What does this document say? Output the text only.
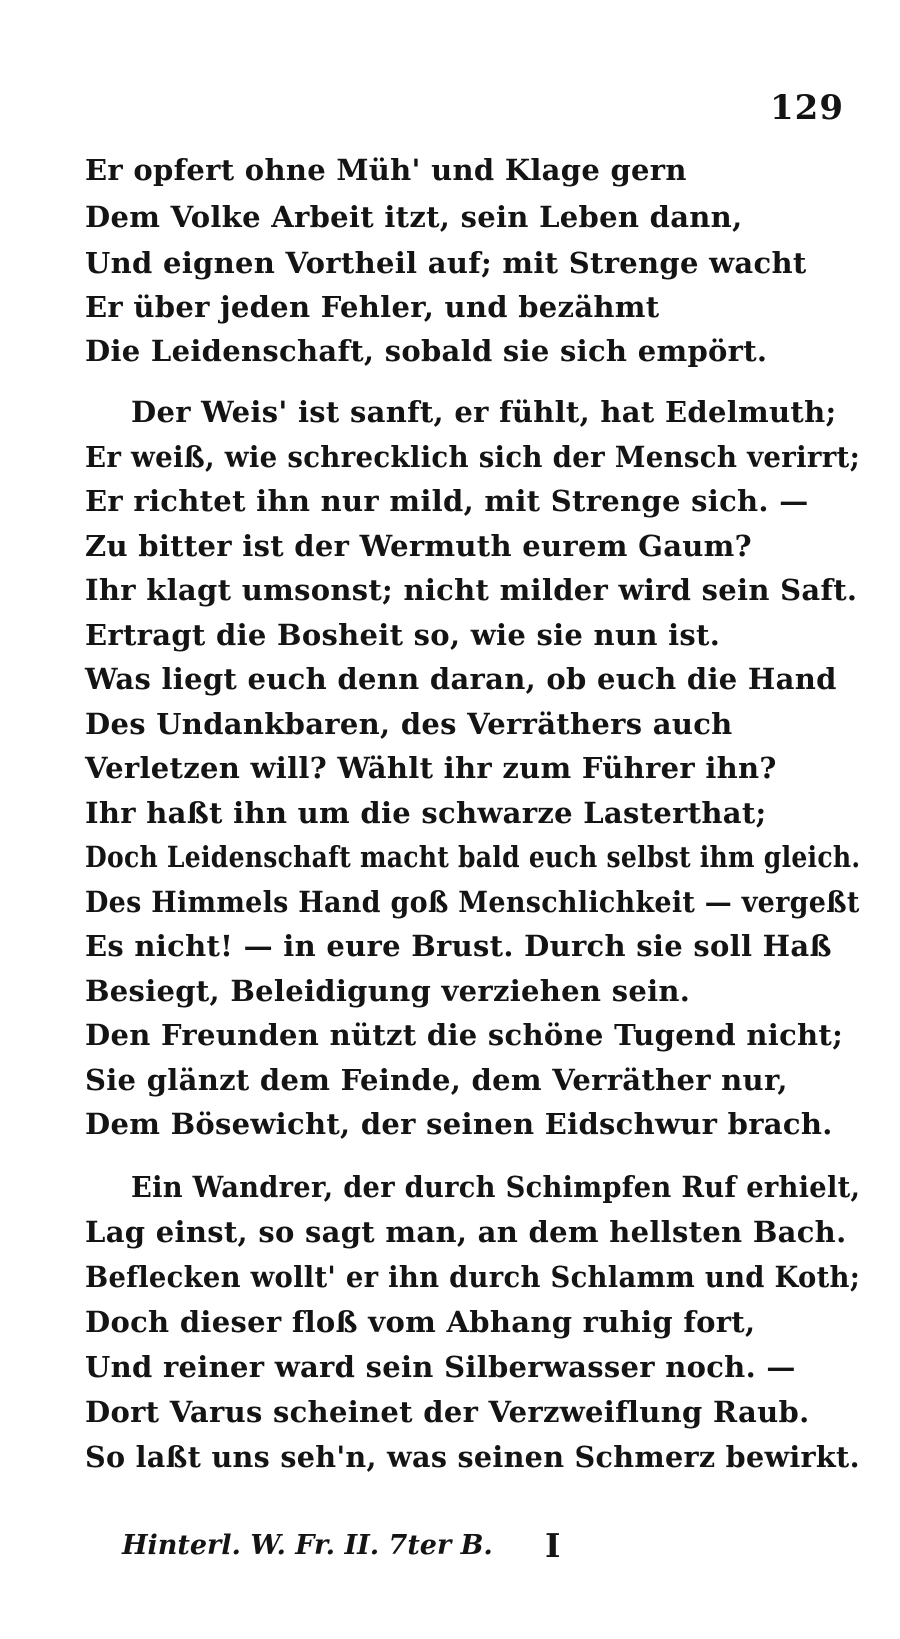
129
Er opfert ohne Müh' und Klage gern
Dem Volke Arbeit itzt, sein Leben dann,
Und eignen Vortheil auf; mit Strenge wacht
Er über jeden Fehler, und bezähmt
Die Leidenschaft, sobald sie sich empört.
Der Weis' ist sanft, er fühlt, hat Edelmuth;
Er weiß, wie schrecklich sich der Mensch verirrt;
Er richtet ihn nur mild, mit Strenge sich. —
Zu bitter ist der Wermuth eurem Gaum?
Ihr klagt umsonst; nicht milder wird sein Saft.
Ertragt die Bosheit so, wie sie nun ist.
Was liegt euch denn daran, ob euch die Hand
Des Undankbaren, des Verräthers auch
Verletzen will? Wählt ihr zum Führer ihn?
Ihr haßt ihn um die schwarze Lasterthat;
Doch Leidenschaft macht bald euch selbst ihm gleich.
Des Himmels Hand goß Menschlichkeit — vergeßt
Es nicht! — in eure Brust. Durch sie soll Haß
Besiegt, Beleidigung verziehen sein.
Den Freunden nützt die schöne Tugend nicht;
Sie glänzt dem Feinde, dem Verräther nur,
Dem Bösewicht, der seinen Eidschwur brach.
Ein Wandrer, der durch Schimpfen Ruf erhielt,
Lag einst, so sagt man, an dem hellsten Bach.
Beflecken wollt' er ihn durch Schlamm und Koth;
Doch dieser floß vom Abhang ruhig fort,
Und reiner ward sein Silberwasser noch. —
Dort Varus scheinet der Verzweiflung Raub.
So laßt uns seh'n, was seinen Schmerz bewirkt.
Hinterl. W. Fr. II. 7ter B. I
